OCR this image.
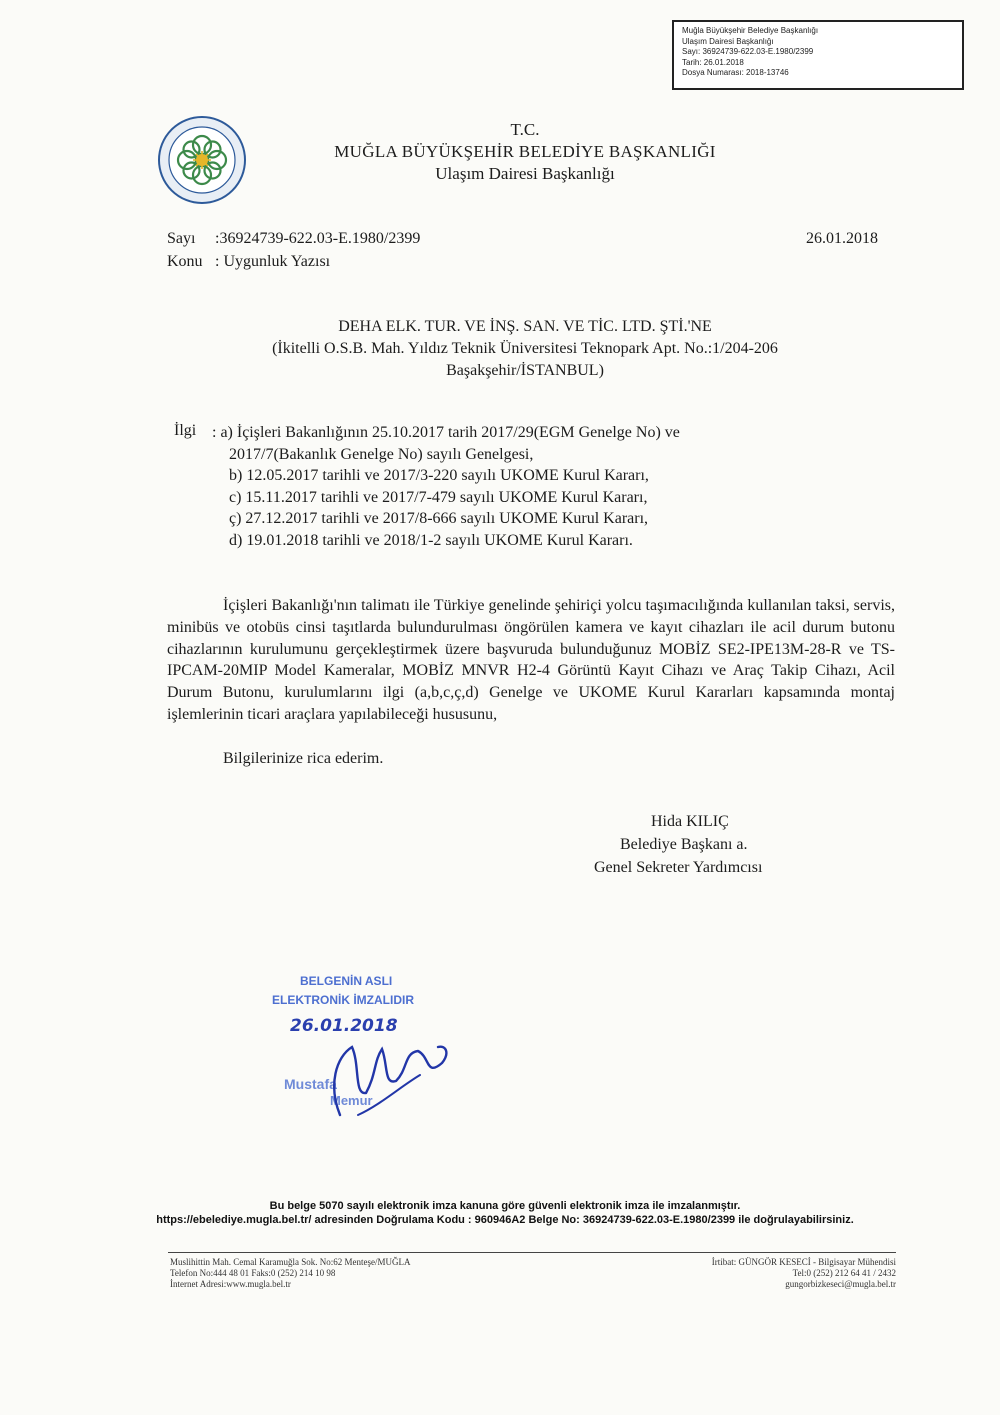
Muğla Büyükşehir Belediye Başkanlığı
Ulaşım Dairesi Başkanlığı
Sayı: 36924739-622.03-E.1980/2399
Tarih: 26.01.2018
Dosya Numarası: 2018-13746
T.C.
MUĞLA BÜYÜKŞEHİR BELEDİYE BAŞKANLIĞI
Ulaşım Dairesi Başkanlığı
Sayı :36924739-622.03-E.1980/2399
Konu : Uygunluk Yazısı
26.01.2018
DEHA ELK. TUR. VE İNŞ. SAN. VE TİC. LTD. ŞTİ.'NE
(İkitelli O.S.B. Mah. Yıldız Teknik Üniversitesi Teknopark Apt. No.:1/204-206
Başakşehir/İSTANBUL)
İlgi : a) İçişleri Bakanlığının 25.10.2017 tarih 2017/29(EGM Genelge No) ve
2017/7(Bakanlık Genelge No) sayılı Genelgesi,
b) 12.05.2017 tarihli ve 2017/3-220 sayılı UKOME Kurul Kararı,
c) 15.11.2017 tarihli ve 2017/7-479 sayılı UKOME Kurul Kararı,
ç) 27.12.2017 tarihli ve 2017/8-666 sayılı UKOME Kurul Kararı,
d) 19.01.2018 tarihli ve 2018/1-2 sayılı UKOME Kurul Kararı.
İçişleri Bakanlığı'nın talimatı ile Türkiye genelinde şehiriçi yolcu taşımacılığında kullanılan taksi, servis, minibüs ve otobüs cinsi taşıtlarda bulundurulması öngörülen kamera ve kayıt cihazları ile acil durum butonu cihazlarının kurulumunu gerçekleştirmek üzere başvuruda bulunduğunuz MOBİZ SE2-IPE13M-28-R ve TS-IPCAM-20MIP Model Kameralar, MOBİZ MNVR H2-4 Görüntü Kayıt Cihazı ve Araç Takip Cihazı, Acil Durum Butonu, kurulumlarını ilgi (a,b,c,ç,d) Genelge ve UKOME Kurul Kararları kapsamında montaj işlemlerinin ticari araçlara yapılabileceği hususunu,
Bilgilerinize rica ederim.
Hida KILIÇ
Belediye Başkanı a.
Genel Sekreter Yardımcısı
BELGENİN ASLI
ELEKTRONİK İMZALIDIR
Mustafa
Memur
26.01.2018
Bu belge 5070 sayılı elektronik imza kanuna göre güvenli elektronik imza ile imzalanmıştır.
https://ebelediye.mugla.bel.tr/ adresinden Doğrulama Kodu : 960946A2 Belge No: 36924739-622.03-E.1980/2399 ile doğrulayabilirsiniz.
Muslihittin Mah. Cemal Karamuğla Sok. No:62 Menteşe/MUĞLA
Telefon No:444 48 01 Faks:0 (252) 214 10 98
İnternet Adresi:www.mugla.bel.tr
İrtibat: GÜNGÖR KESECİ - Bilgisayar Mühendisi
Tel:0 (252) 212 64 41 / 2432
gungorbizkeseci@mugla.bel.tr
